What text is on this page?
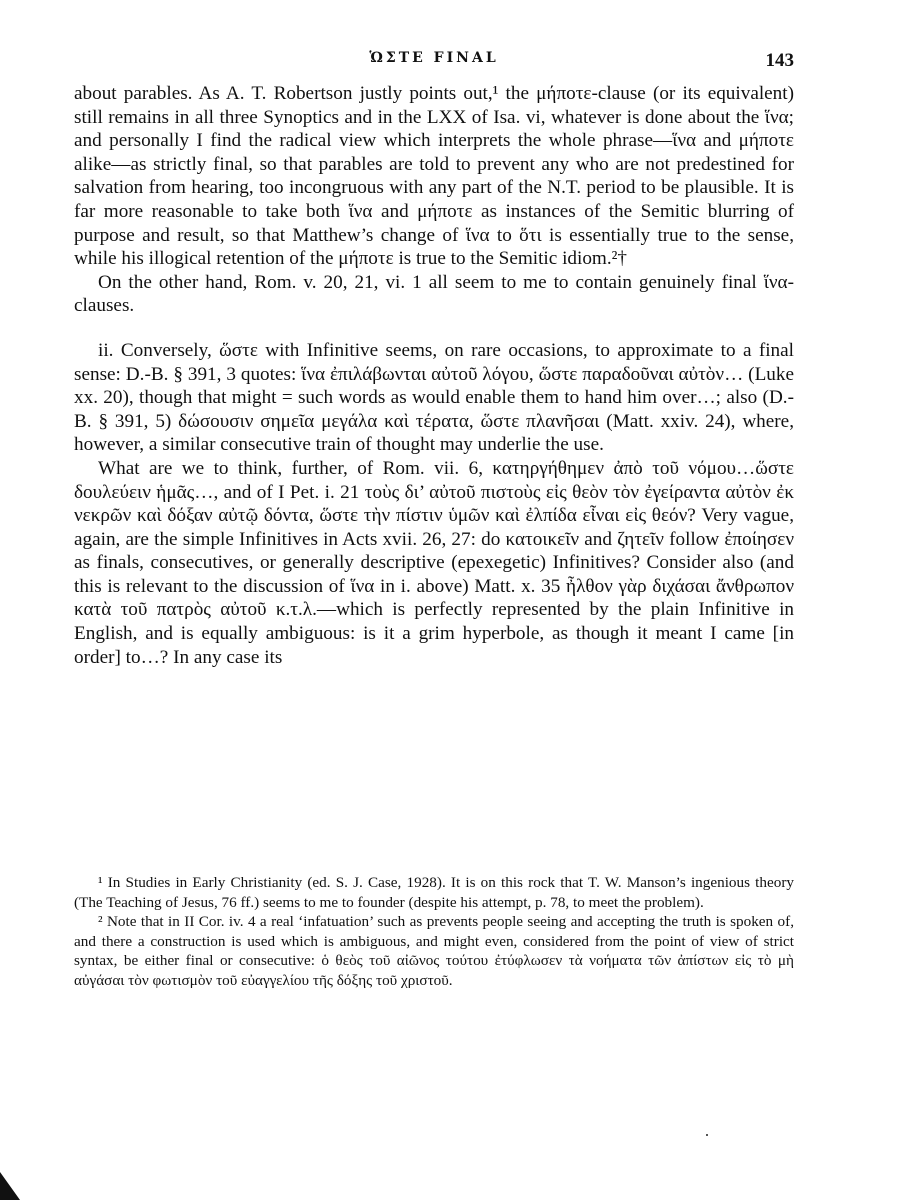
ὩΣΤΕ FINAL	143

about parables. As A. T. Robertson justly points out,¹ the μήποτε-clause (or its equivalent) still remains in all three Synoptics and in the LXX of Isa. vi, whatever is done about the ἵνα; and personally I find the radical view which interprets the whole phrase—ἵνα and μήποτε alike—as strictly final, so that parables are told to prevent any who are not predestined for salvation from hearing, too incongruous with any part of the N.T. period to be plausible. It is far more reasonable to take both ἵνα and μήποτε as instances of the Semitic blurring of purpose and result, so that Matthew’s change of ἵνα to ὅτι is essentially true to the sense, while his illogical retention of the μήποτε is true to the Semitic idiom.²†

On the other hand, Rom. v. 20, 21, vi. 1 all seem to me to contain genuinely final ἵνα-clauses.

ii. Conversely, ὥστε with Infinitive seems, on rare occasions, to approximate to a final sense: D.-B. § 391, 3 quotes: ἵνα ἐπιλάβωνται αὐτοῦ λόγου, ὥστε παραδοῦναι αὐτὸν… (Luke xx. 20), though that might = such words as would enable them to hand him over…; also (D.-B. § 391, 5) δώσουσιν σημεῖα μεγάλα καὶ τέρατα, ὥστε πλανῆσαι (Matt. xxiv. 24), where, however, a similar consecutive train of thought may underlie the use.

What are we to think, further, of Rom. vii. 6, κατηργήθημεν ἀπὸ τοῦ νόμου…ὥστε δουλεύειν ἡμᾶς…, and of I Pet. i. 21 τοὺς δι’ αὐτοῦ πιστοὺς εἰς θεὸν τὸν ἐγείραντα αὐτὸν ἐκ νεκρῶν καὶ δόξαν αὐτῷ δόντα, ὥστε τὴν πίστιν ὑμῶν καὶ ἐλπίδα εἶναι εἰς θεόν? Very vague, again, are the simple Infinitives in Acts xvii. 26, 27: do κατοικεῖν and ζητεῖν follow ἐποίησεν as finals, consecutives, or generally descriptive (epexegetic) Infinitives? Consider also (and this is relevant to the discussion of ἵνα in i. above) Matt. x. 35 ἦλθον γὰρ διχάσαι ἄνθρωπον κατὰ τοῦ πατρὸς αὐτοῦ κ.τ.λ.—which is perfectly represented by the plain Infinitive in English, and is equally ambiguous: is it a grim hyperbole, as though it meant I came [in order] to…? In any case its

¹ In Studies in Early Christianity (ed. S. J. Case, 1928). It is on this rock that T. W. Manson’s ingenious theory (The Teaching of Jesus, 76 ff.) seems to me to founder (despite his attempt, p. 78, to meet the problem).

² Note that in II Cor. iv. 4 a real ‘infatuation’ such as prevents people seeing and accepting the truth is spoken of, and there a construction is used which is ambiguous, and might even, considered from the point of view of strict syntax, be either final or consecutive: ὁ θεὸς τοῦ αἰῶνος τούτου ἐτύφλωσεν τὰ νοήματα τῶν ἀπίστων εἰς τὸ μὴ αὐγάσαι τὸν φωτισμὸν τοῦ εὐαγγελίου τῆς δόξης τοῦ χριστοῦ.
